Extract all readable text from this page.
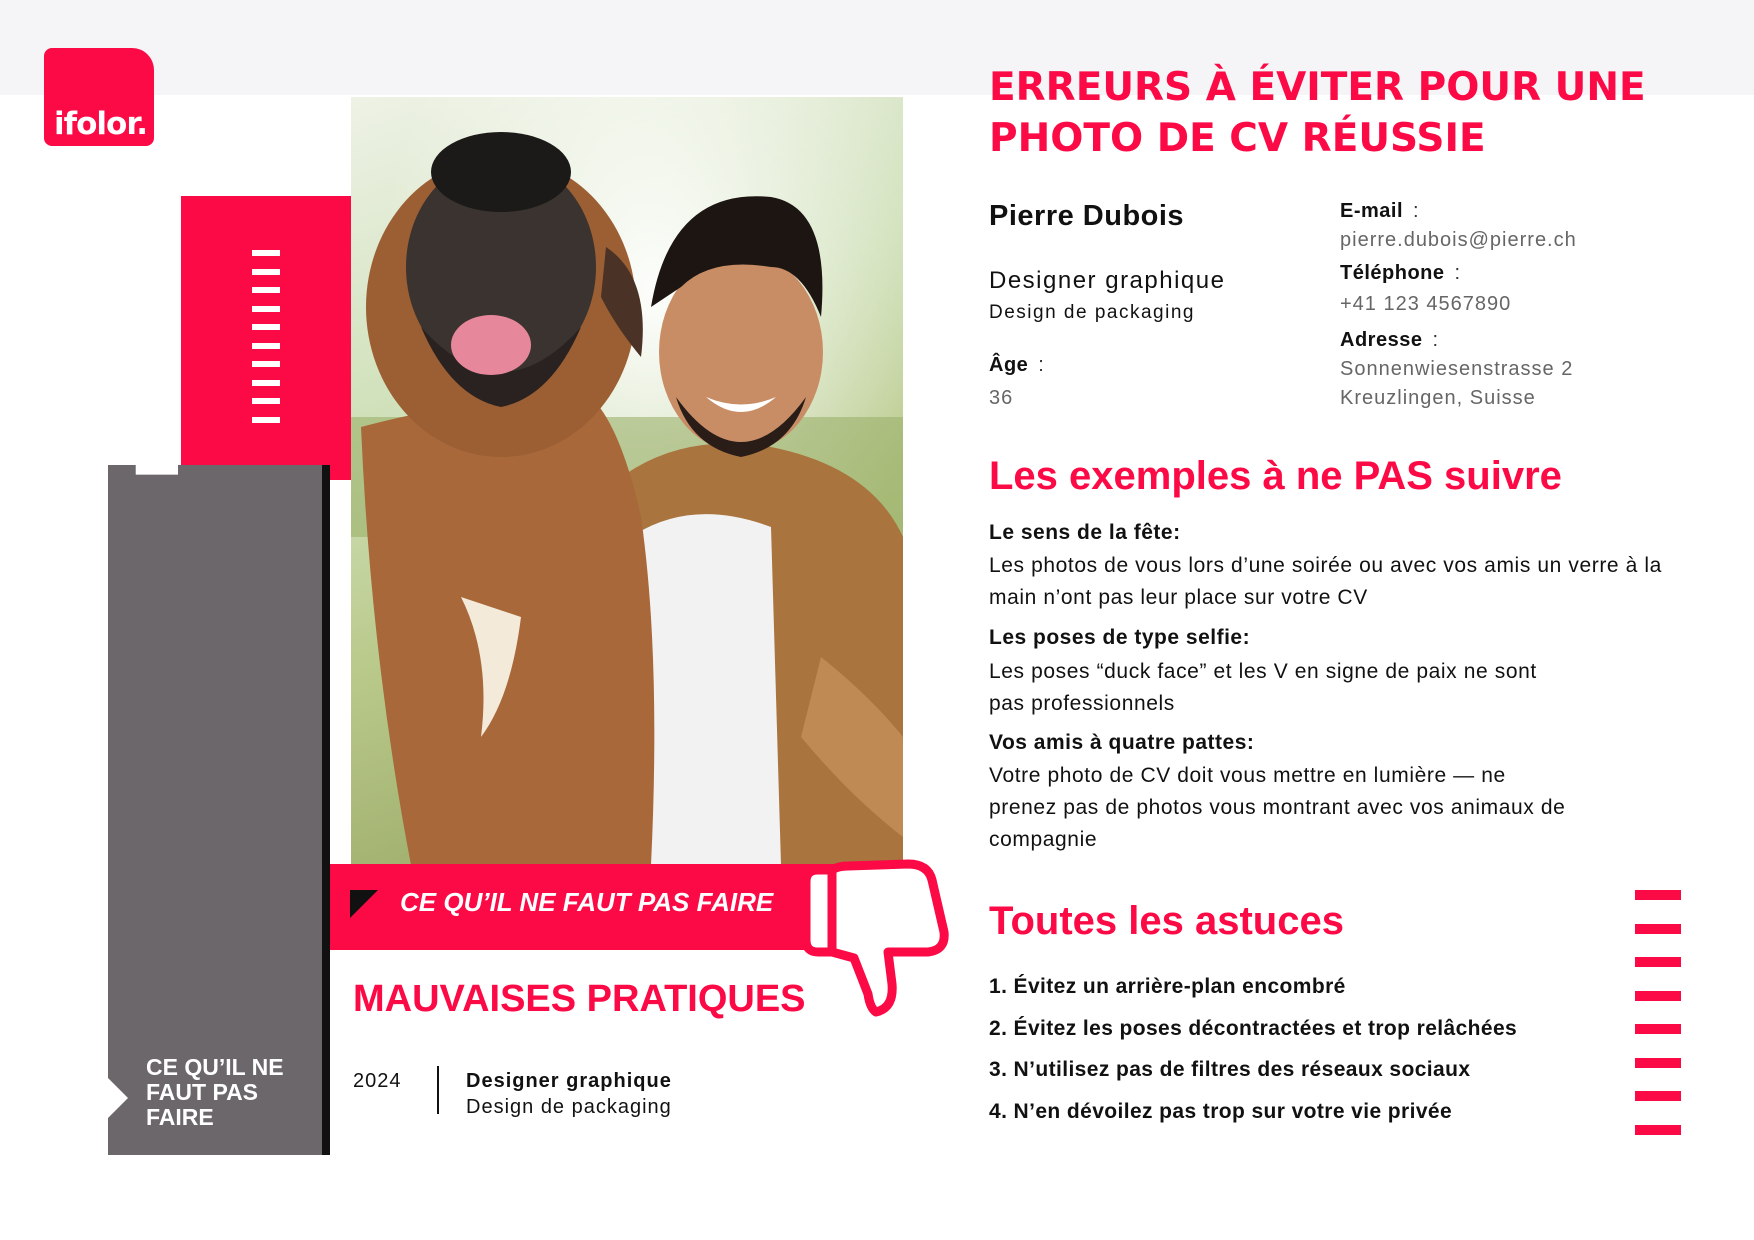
ifolor.
PHOTO DE CV
CE QU’IL NE FAUT PAS FAIRE
CE QU’IL NE FAUT PAS FAIRE
MAUVAISES PRATIQUES
2024	Designer graphique
Design de packaging
ERREURS À ÉVITER POUR UNE PHOTO DE CV RÉUSSIE
Pierre Dubois
Designer graphique
Design de packaging
Âge :
36
E-mail :
pierre.dubois@pierre.ch
Téléphone :
+41 123 4567890
Adresse :
Sonnenwiesenstrasse 2
Kreuzlingen, Suisse
Les exemples à ne PAS suivre
Le sens de la fête:
Les photos de vous lors d’une soirée ou avec vos amis un verre à la main n’ont pas leur place sur votre CV
Les poses de type selfie:
Les poses “duck face” et les V en signe de paix ne sont pas professionnels
Vos amis à quatre pattes:
Votre photo de CV doit vous mettre en lumière — ne prenez pas de photos vous montrant avec vos animaux de compagnie
Toutes les astuces
1. Évitez un arrière-plan encombré
2. Évitez les poses décontractées et trop relâchées
3. N’utilisez pas de filtres des réseaux sociaux
4. N’en dévoilez pas trop sur votre vie privée
